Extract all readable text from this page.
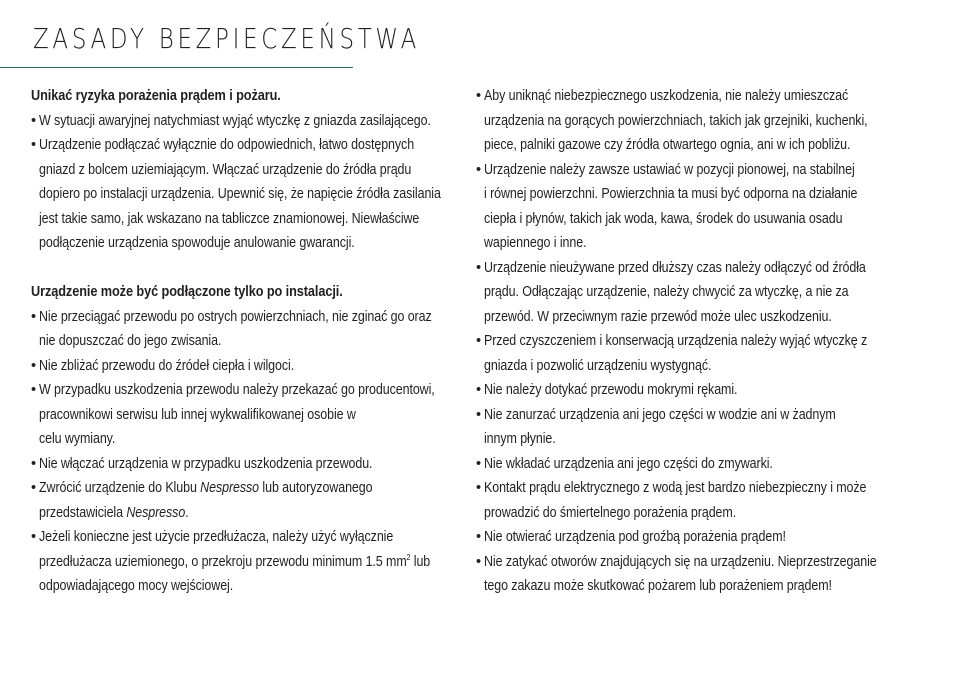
ZASADY BEZPIECZEŃSTWA

Unikać ryzyka porażenia prądem i pożaru.

• W sytuacji awaryjnej natychmiast wyjąć wtyczkę z gniazda zasilającego.
• Urządzenie podłączać wyłącznie do odpowiednich, łatwo dostępnych gniazd z bolcem uziemiającym. Włączać urządzenie do źródła prądu dopiero po instalacji urządzenia. Upewnić się, że napięcie źródła zasilania jest takie samo, jak wskazano na tabliczce znamionowej. Niewłaściwe podłączenie urządzenia spowoduje anulowanie gwarancji.

Urządzenie może być podłączone tylko po instalacji.

• Nie przeciągać przewodu po ostrych powierzchniach, nie zginać go oraz nie dopuszczać do jego zwisania.
• Nie zbliżać przewodu do źródeł ciepła i wilgoci.
• W przypadku uszkodzenia przewodu należy przekazać go producentowi, pracownikowi serwisu lub innej wykwalifikowanej osobie w celu wymiany.
• Nie włączać urządzenia w przypadku uszkodzenia przewodu.
• Zwrócić urządzenie do Klubu Nespresso lub autoryzowanego przedstawiciela Nespresso.
• Jeżeli konieczne jest użycie przedłużacza, należy użyć wyłącznie przedłużacza uziemionego, o przekroju przewodu minimum 1.5 $mm^2$ lub odpowiadającego mocy wejściowej.
• Aby uniknąć niebezpiecznego uszkodzenia, nie należy umieszczaćurządzenia na gorących powierzchniach, takich jak grzejniki, kuchenki,piece, palniki gazowe czy źródła otwartego ognia, ani w ich pobliżu.
• Urządzenie należy zawsze ustawiać w pozycji pionowej, na stabilneji równej powierzchni. Powierzchnia ta musi być odporna na działanieciepła i płynów, takich jak woda, kawa, środek do usuwania osaduwapiennego i inne.
• Urządzenie nieużywane przed dłuższy czas należy odłączyć od źródłaprądu. Odłączając urządzenie, należy chwycić za wtyczkę, a nie zaprzewód. W przeciwnym razie przewód może ulec uszkodzeniu.
• Przed czyszczeniem i konserwacją urządzenia należy wyjąć wtyczkę zgniazda i pozwolić urządzeniu wystygnąć.
• Nie należy dotykać przewodu mokrymi rękami.
• Nie zanurzać urządzenia ani jego części w wodzie ani w żadnyminnym płynie.
• Nie wkładać urządzenia ani jego części do zmywarki.
• Kontakt prądu elektrycznego z wodą jest bardzo niebezpieczny i możeprowadzić do śmiertelnego porażenia prądem.
• Nie otwierać urządzenia pod groźbą porażenia prądem!
• Nie zatykać otworów znajdujących się na urządzeniu. Nieprzestrzeganietego zakazu może skutkować pożarem lub porażeniem prądem!
